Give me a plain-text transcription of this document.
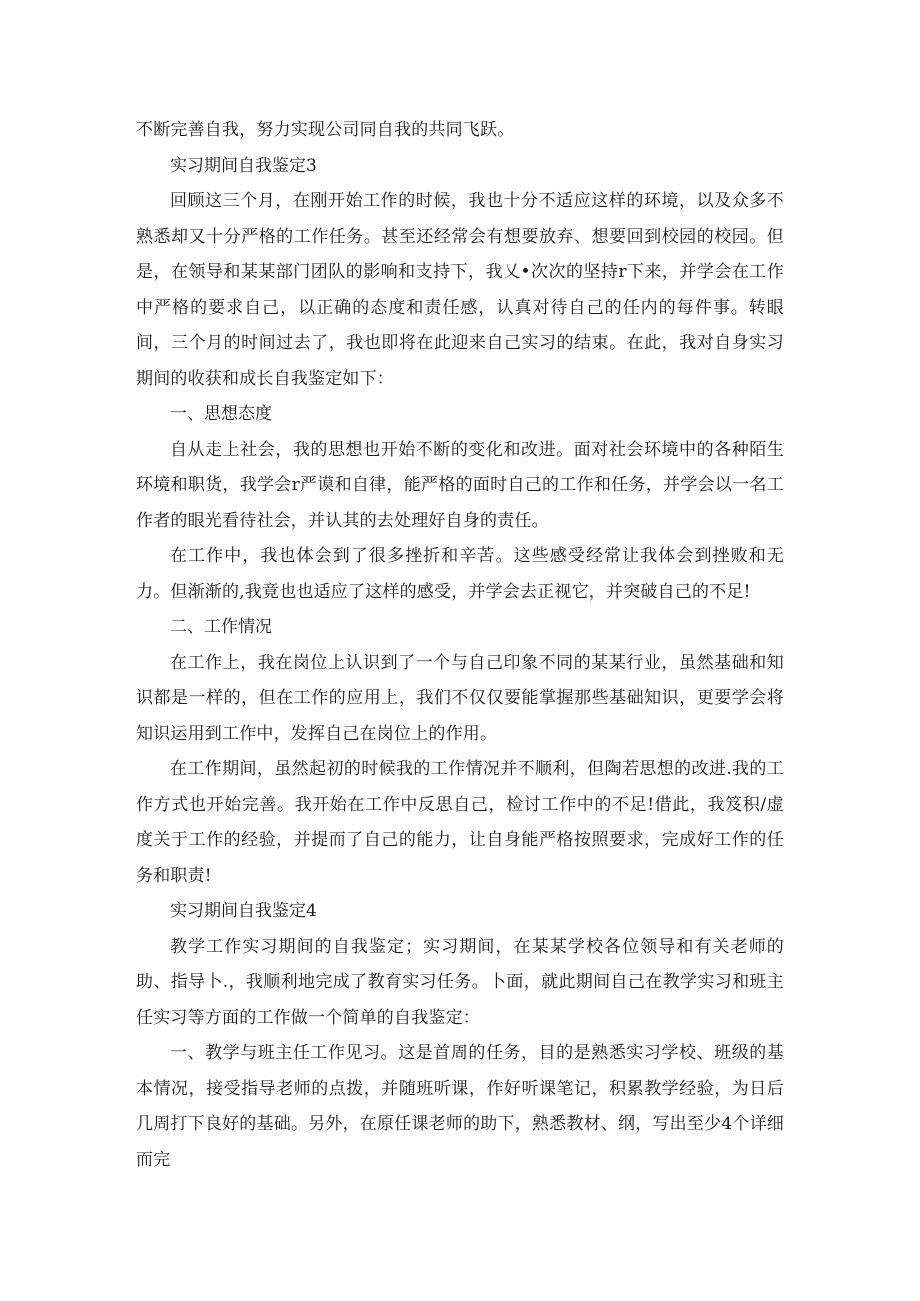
不断完善自我，努力实现公司同自我的共同飞跃。

实习期间自我鉴定3

回顾这三个月，在刚开始工作的时候，我也十分不适应这样的环境，以及众多不熟悉却又十分严格的工作任务。甚至还经常会有想要放弃、想要回到校园的校园。但是，在领导和某某部门团队的影响和支持下，我乂•次次的坚持r下来，并学会在工作中严格的要求自己，以正确的态度和责任感，认真对待自己的任内的每件事。转眼间，三个月的时间过去了，我也即将在此迎来自己实习的结束。在此，我对自身实习期间的收获和成长自我鉴定如下：

一、思想态度

自从走上社会，我的思想也开始不断的变化和改进。面对社会环境中的各种陌生环境和职货，我学会r严谟和自律，能严格的面时自己的工作和任务，并学会以一名工作者的眼光看待社会，并认其的去处理好自身的责任。

在工作中，我也体会到了很多挫折和辛苦。这些感受经常让我体会到挫败和无力。但渐渐的,我竟也也适应了这样的感受，并学会去正视它，并突破自己的不足!

二、工作情况

在工作上，我在岗位上认识到了一个与自己印象不同的某某行业，虽然基础和知识都是一样的，但在工作的应用上，我们不仅仅要能掌握那些基础知识，更要学会将知识运用到工作中，发挥自己在岗位上的作用。

在工作期间，虽然起初的时候我的工作情况并不顺利，但陶若思想的改进.我的工作方式也开始完善。我开始在工作中反思自己，检讨工作中的不足!借此，我笈积/虚度关于工作的经验，并提而了自己的能力，让自身能严格按照要求，完成好工作的任务和职责!

实习期间自我鉴定4

教学工作实习期间的自我鉴定；实习期间，在某某学校各位领导和有关老师的助、指导卜.，我顺利地完成了教育实习任务。卜面，就此期间自己在教学实习和班主任实习等方面的工作做一个简单的自我鉴定：

一、教学与班主任工作见习。这是首周的任务，目的是熟悉实习学校、班级的基本情况，接受指导老师的点拨，并随班听课，作好听课笔记，积累教学经验，为日后几周打下良好的基础。另外，在原任课老师的助下，熟悉教材、纲，写出至少4个详细而完
